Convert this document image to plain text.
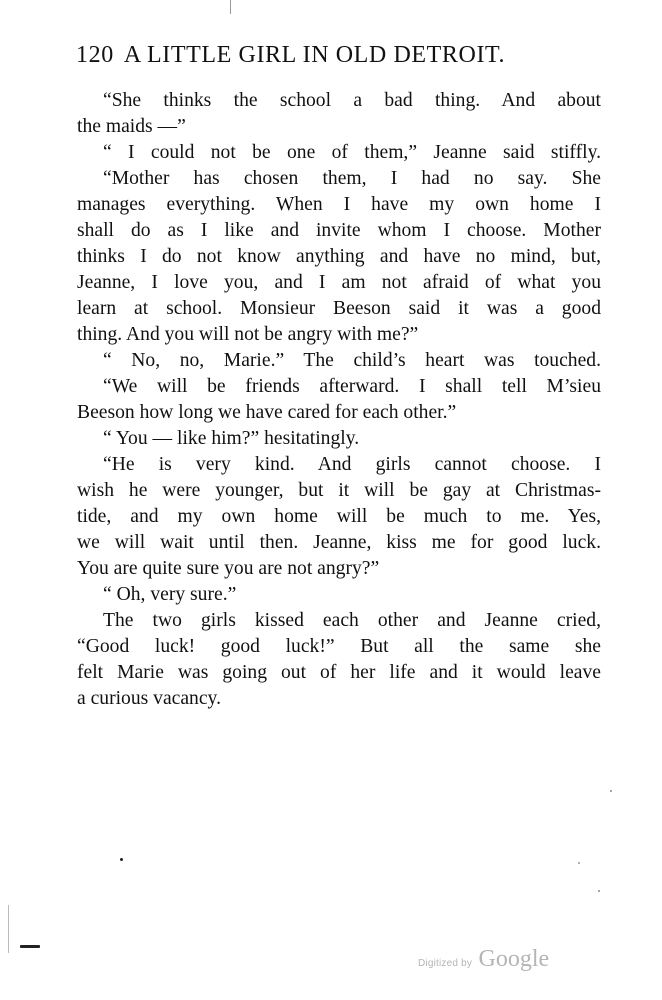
120 A LITTLE GIRL IN OLD DETROIT.
“She thinks the school a bad thing. And about
the maids —”
“ I could not be one of them,” Jeanne said stiffly.
“Mother has chosen them, I had no say. She
manages everything. When I have my own home I
shall do as I like and invite whom I choose. Mother
thinks I do not know anything and have no mind, but,
Jeanne, I love you, and I am not afraid of what you
learn at school. Monsieur Beeson said it was a good
thing. And you will not be angry with me?”
“ No, no, Marie.” The child’s heart was touched.
“We will be friends afterward. I shall tell M’sieu
Beeson how long we have cared for each other.”
“ You — like him?” hesitatingly.
“He is very kind. And girls cannot choose. I
wish he were younger, but it will be gay at Christmas-
tide, and my own home will be much to me. Yes,
we will wait until then. Jeanne, kiss me for good luck.
You are quite sure you are not angry?”
“ Oh, very sure.”
The two girls kissed each other and Jeanne cried,
“Good luck! good luck!” But all the same she
felt Marie was going out of her life and it would leave
a curious vacancy.
Digitized by Google
